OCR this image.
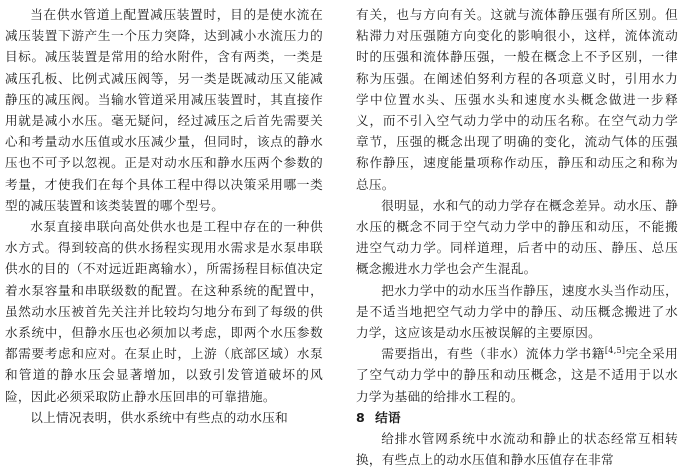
当在供水管道上配置减压装置时，目的是使水流在减压装置下游产生一个压力突降，达到减小水流压力的目标。减压装置是常用的给水附件，含有两类，一类是减压孔板、比例式减压阀等，另一类是既减动压又能减静压的减压阀。当输水管道采用减压装置时，其直接作用就是减小水压。毫无疑问，经过减压之后首先需要关心和考量动水压值或水压减少量，但同时，该点的静水压也不可予以忽视。正是对动水压和静水压两个参数的考量，才使我们在每个具体工程中得以决策采用哪一类型的减压装置和该类装置的哪个型号。

水泵直接串联向高处供水也是工程中存在的一种供水方式。得到较高的供水扬程实现用水需求是水泵串联供水的目的（不对远近距离输水），所需扬程目标值决定着水泵容量和串联级数的配置。在这种系统的配置中，虽然动水压被首先关注并比较均匀地分布到了每级的供水系统中，但静水压也必须加以考虑，即两个水压参数都需要考虑和应对。在泵止时，上游（底部区域）水泵和管道的静水压会显著增加，以致引发管道破坏的风险，因此必须采取防止静水压回串的可靠措施。

以上情况表明，供水系统中有些点的动水压和

有关，也与方向有关。这就与流体静压强有所区别。但粘滞力对压强随方向变化的影响很小，这样，流体流动时的压强和流体静压强，一般在概念上不予区别，一律称为压强。在阐述伯努利方程的各项意义时，引用水力学中位置水头、压强水头和速度水头概念做进一步释义，而不引入空气动力学中的动压名称。在空气动力学章节，压强的概念出现了明确的变化，流动气体的压强称作静压，速度能量项称作动压，静压和动压之和称为总压。

很明显，水和气的动力学存在概念差异。动水压、静水压的概念不同于空气动力学中的静压和动压，不能搬进空气动力学。同样道理，后者中的动压、静压、总压概念搬进水力学也会产生混乱。

把水力学中的动水压当作静压，速度水头当作动压，是不适当地把空气动力学中的静压、动压概念搬进了水力学，这应该是动水压被误解的主要原因。

需要指出，有些（非水）流体力学书籍[4,5]完全采用了空气动力学中的静压和动压概念，这是不适用于以水力学为基础的给排水工程的。

8 结语

给排水管网系统中水流动和静止的状态经常互相转换，有些点上的动水压值和静水压值存在非常
